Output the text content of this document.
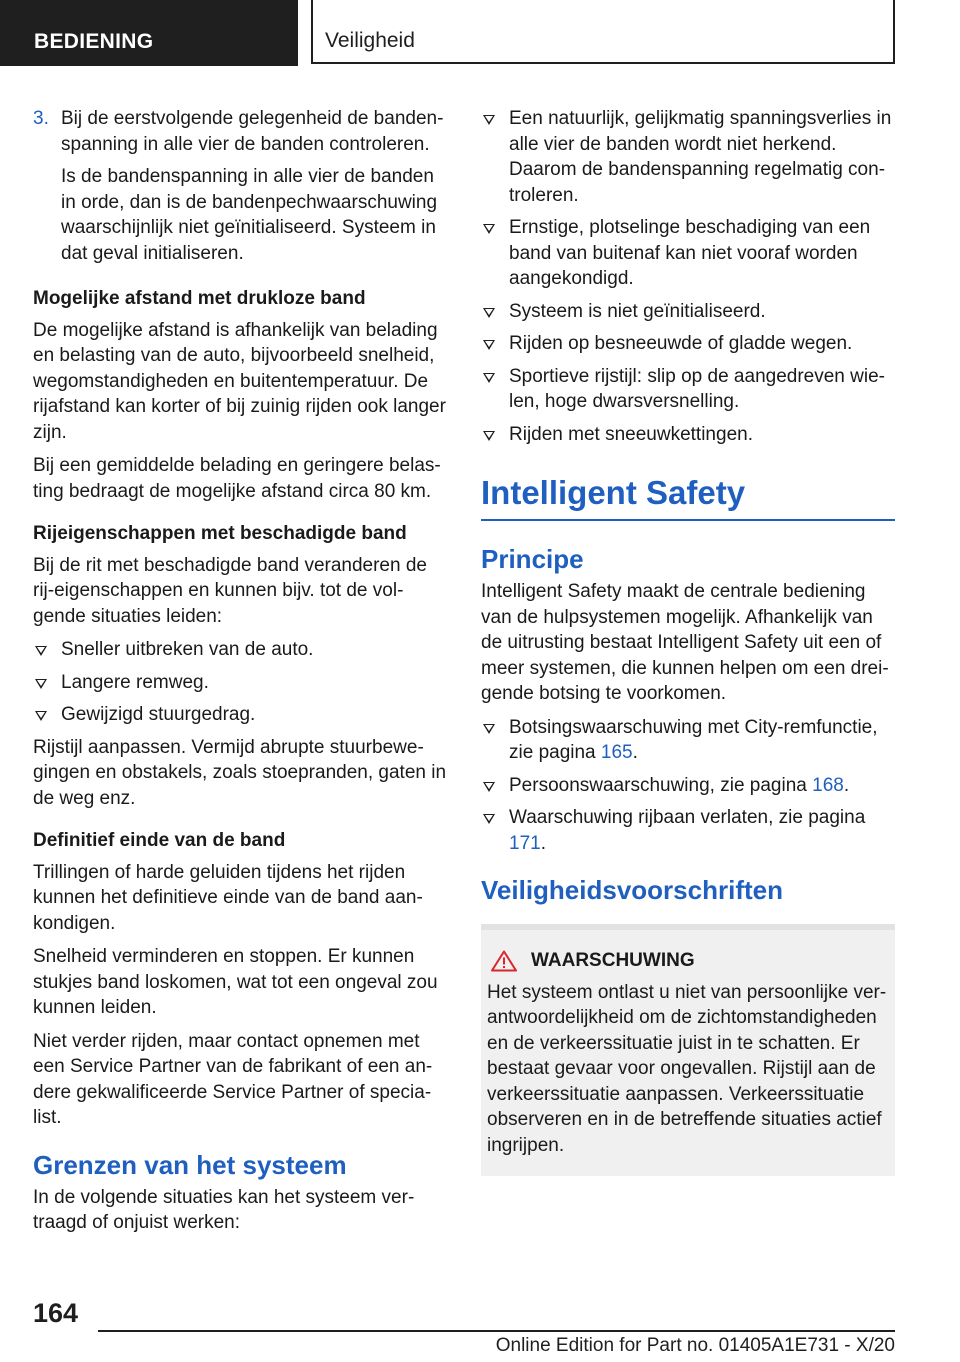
BEDIENING	Veiligheid
3. Bij de eerstvolgende gelegenheid de bandenspanning in alle vier de banden controleren.

Is de bandenspanning in alle vier de banden in orde, dan is de bandenpechwaarschuwing waarschijnlijk niet geïnitialiseerd. Systeem in dat geval initialiseren.

Mogelijke afstand met drukloze band

De mogelijke afstand is afhankelijk van belading en belasting van de auto, bijvoorbeeld snelheid, wegomstandigheden en buitentemperatuur. De rijafstand kan korter of bij zuinig rijden ook langer zijn.

Bij een gemiddelde belading en geringere belasting bedraagt de mogelijke afstand circa 80 km.

Rijeigenschappen met beschadigde band

Bij de rit met beschadigde band veranderen de rij-eigenschappen en kunnen bijv. tot de volgende situaties leiden:

Sneller uitbreken van de auto.
Langere remweg.
Gewijzigd stuurgedrag.

Rijstijl aanpassen. Vermijd abrupte stuurbewegingen en obstakels, zoals stoepranden, gaten in de weg enz.

Definitief einde van de band

Trillingen of harde geluiden tijdens het rijden kunnen het definitieve einde van de band aankondigen.

Snelheid verminderen en stoppen. Er kunnen stukjes band loskomen, wat tot een ongeval zou kunnen leiden.

Niet verder rijden, maar contact opnemen met een Service Partner van de fabrikant of een andere gekwalificeerde Service Partner of specialist.

Grenzen van het systeem

In de volgende situaties kan het systeem vertraagd of onjuist werken:

Een natuurlijk, gelijkmatig spanningsverlies in alle vier de banden wordt niet herkend. Daarom de bandenspanning regelmatig controleren.
Ernstige, plotselinge beschadiging van een band van buitenaf kan niet vooraf worden aangekondigd.
Systeem is niet geïnitialiseerd.
Rijden op besneeuwde of gladde wegen.
Sportieve rijstijl: slip op de aangedreven wielen, hoge dwarsversnelling.
Rijden met sneeuwkettingen.
Intelligent Safety
Principe

Intelligent Safety maakt de centrale bediening van de hulpsystemen mogelijk. Afhankelijk van de uitrusting bestaat Intelligent Safety uit een of meer systemen, die kunnen helpen om een dreigende botsing te voorkomen.

Botsingswaarschuwing met City-remfunctie, zie pagina 165.
Persoonswaarschuwing, zie pagina 168.
Waarschuwing rijbaan verlaten, zie pagina 171.
Veiligheidsvoorschriften
WAARSCHUWING

Het systeem ontlast u niet van persoonlijke verantwoordelijkheid om de zichtomstandigheden en de verkeerssituatie juist in te schatten. Er bestaat gevaar voor ongevallen. Rijstijl aan de verkeerssituatie aanpassen. Verkeerssituatie observeren en in de betreffende situaties actief ingrijpen.

164
Online Edition for Part no. 01405A1E731 - X/20
